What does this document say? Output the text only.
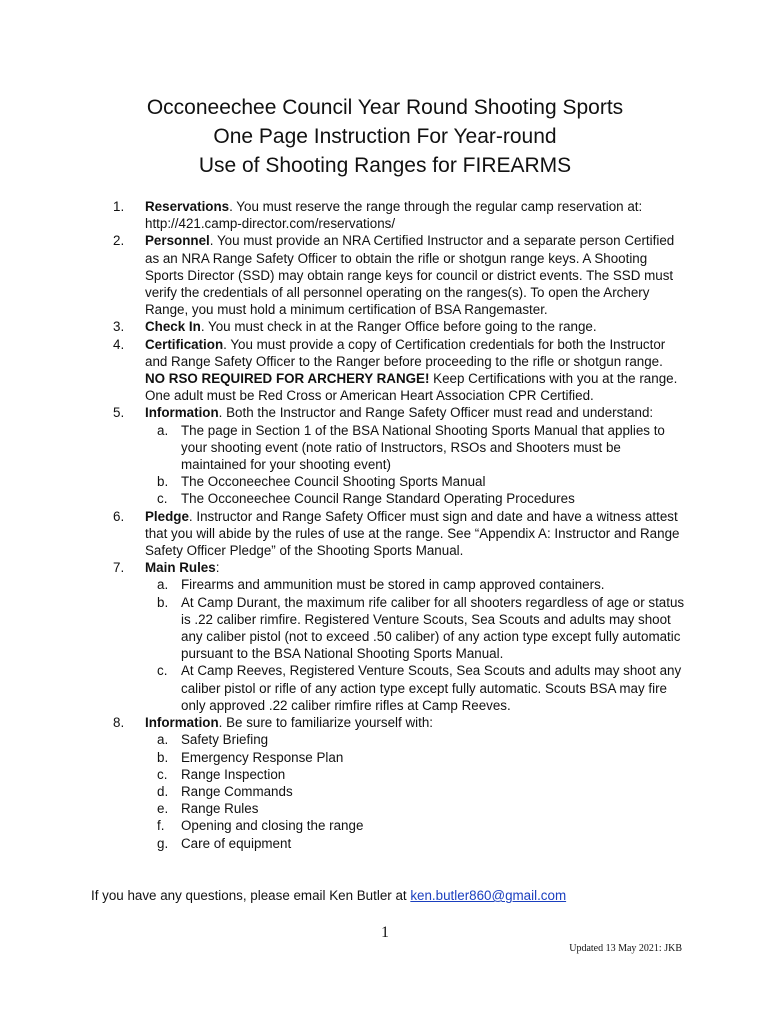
Occoneechee Council Year Round Shooting Sports
One Page Instruction For Year-round
Use of Shooting Ranges for FIREARMS
1. Reservations. You must reserve the range through the regular camp reservation at: http://421.camp-director.com/reservations/
2. Personnel. You must provide an NRA Certified Instructor and a separate person Certified as an NRA Range Safety Officer to obtain the rifle or shotgun range keys. A Shooting Sports Director (SSD) may obtain range keys for council or district events. The SSD must verify the credentials of all personnel operating on the ranges(s). To open the Archery Range, you must hold a minimum certification of BSA Rangemaster.
3. Check In. You must check in at the Ranger Office before going to the range.
4. Certification. You must provide a copy of Certification credentials for both the Instructor and Range Safety Officer to the Ranger before proceeding to the rifle or shotgun range. NO RSO REQUIRED FOR ARCHERY RANGE! Keep Certifications with you at the range. One adult must be Red Cross or American Heart Association CPR Certified.
5. Information. Both the Instructor and Range Safety Officer must read and understand:
a. The page in Section 1 of the BSA National Shooting Sports Manual that applies to your shooting event (note ratio of Instructors, RSOs and Shooters must be maintained for your shooting event)
b. The Occoneechee Council Shooting Sports Manual
c. The Occoneechee Council Range Standard Operating Procedures
6. Pledge. Instructor and Range Safety Officer must sign and date and have a witness attest that you will abide by the rules of use at the range. See “Appendix A: Instructor and Range Safety Officer Pledge” of the Shooting Sports Manual.
7. Main Rules:
a. Firearms and ammunition must be stored in camp approved containers.
b. At Camp Durant, the maximum rife caliber for all shooters regardless of age or status is .22 caliber rimfire. Registered Venture Scouts, Sea Scouts and adults may shoot any caliber pistol (not to exceed .50 caliber) of any action type except fully automatic pursuant to the BSA National Shooting Sports Manual.
c. At Camp Reeves, Registered Venture Scouts, Sea Scouts and adults may shoot any caliber pistol or rifle of any action type except fully automatic. Scouts BSA may fire only approved .22 caliber rimfire rifles at Camp Reeves.
8. Information. Be sure to familiarize yourself with:
a. Safety Briefing
b. Emergency Response Plan
c. Range Inspection
d. Range Commands
e. Range Rules
f. Opening and closing the range
g. Care of equipment
If you have any questions, please email Ken Butler at ken.butler860@gmail.com
1
Updated 13 May 2021: JKB
